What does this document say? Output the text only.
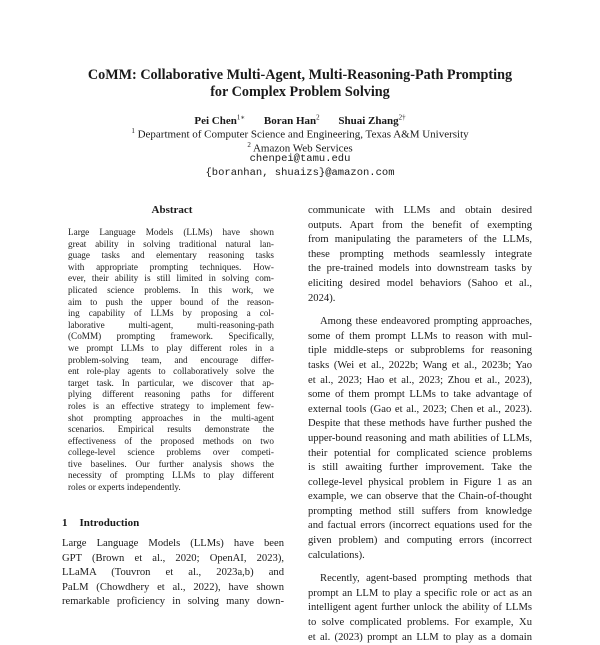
CoMM: Collaborative Multi-Agent, Multi-Reasoning-Path Prompting
for Complex Problem Solving
Pei Chen$^{1∗}$ Boran Han$^2$ Shuai Zhang$^{2\dagger}$
$^1$ Department of Computer Science and Engineering, Texas A&M University
$^2$ Amazon Web Services
chenpei@tamu.edu
{boranhan, shuaizs}@amazon.com
Abstract
Large Language Models (LLMs) have shown
great ability in solving traditional natural lan-
guage tasks and elementary reasoning tasks
with appropriate prompting techniques. How-
ever, their ability is still limited in solving com-
plicated science problems. In this work, we
aim to push the upper bound of the reason-
ing capability of LLMs by proposing a col-
laborative multi-agent, multi-reasoning-path
(CoMM) prompting framework. Specifically,
we prompt LLMs to play different roles in a
problem-solving team, and encourage differ-
ent role-play agents to collaboratively solve the
target task. In particular, we discover that ap-
plying different reasoning paths for different
roles is an effective strategy to implement few-
shot prompting approaches in the multi-agent
scenarios. Empirical results demonstrate the
effectiveness of the proposed methods on two
college-level science problems over competi-
tive baselines. Our further analysis shows the
necessity of prompting LLMs to play different
roles or experts independently.
1 Introduction
Large Language Models (LLMs) have been
GPT (Brown et al., 2020; OpenAI, 2023),
LLaMA (Touvron et al., 2023a,b) and
PaLM (Chowdhery et al., 2022), have shown
remarkable proficiency in solving many down-
communicate with LLMs and obtain desired
outputs. Apart from the benefit of exempting
from manipulating the parameters of the LLMs,
these prompting methods seamlessly integrate
the pre-trained models into downstream tasks by
eliciting desired model behaviors (Sahoo et al.,
2024).
Among these endeavored prompting approaches,
some of them prompt LLMs to reason with mul-
tiple middle-steps or subproblems for reasoning
tasks (Wei et al., 2022b; Wang et al., 2023b; Yao
et al., 2023; Hao et al., 2023; Zhou et al., 2023),
some of them prompt LLMs to take advantage of
external tools (Gao et al., 2023; Chen et al., 2023).
Despite that these methods have further pushed the
upper-bound reasoning and math abilities of LLMs,
their potential for complicated science problems
is still awaiting further improvement. Take the
college-level physical problem in Figure 1 as an
example, we can observe that the Chain-of-thought
prompting method still suffers from knowledge
and factual errors (incorrect equations used for the
given problem) and computing errors (incorrect
calculations).
Recently, agent-based prompting methods that
prompt an LLM to play a specific role or act as an
intelligent agent further unlock the ability of LLMs
to solve complicated problems. For example, Xu
et al. (2023) prompt an LLM to play as a domain
